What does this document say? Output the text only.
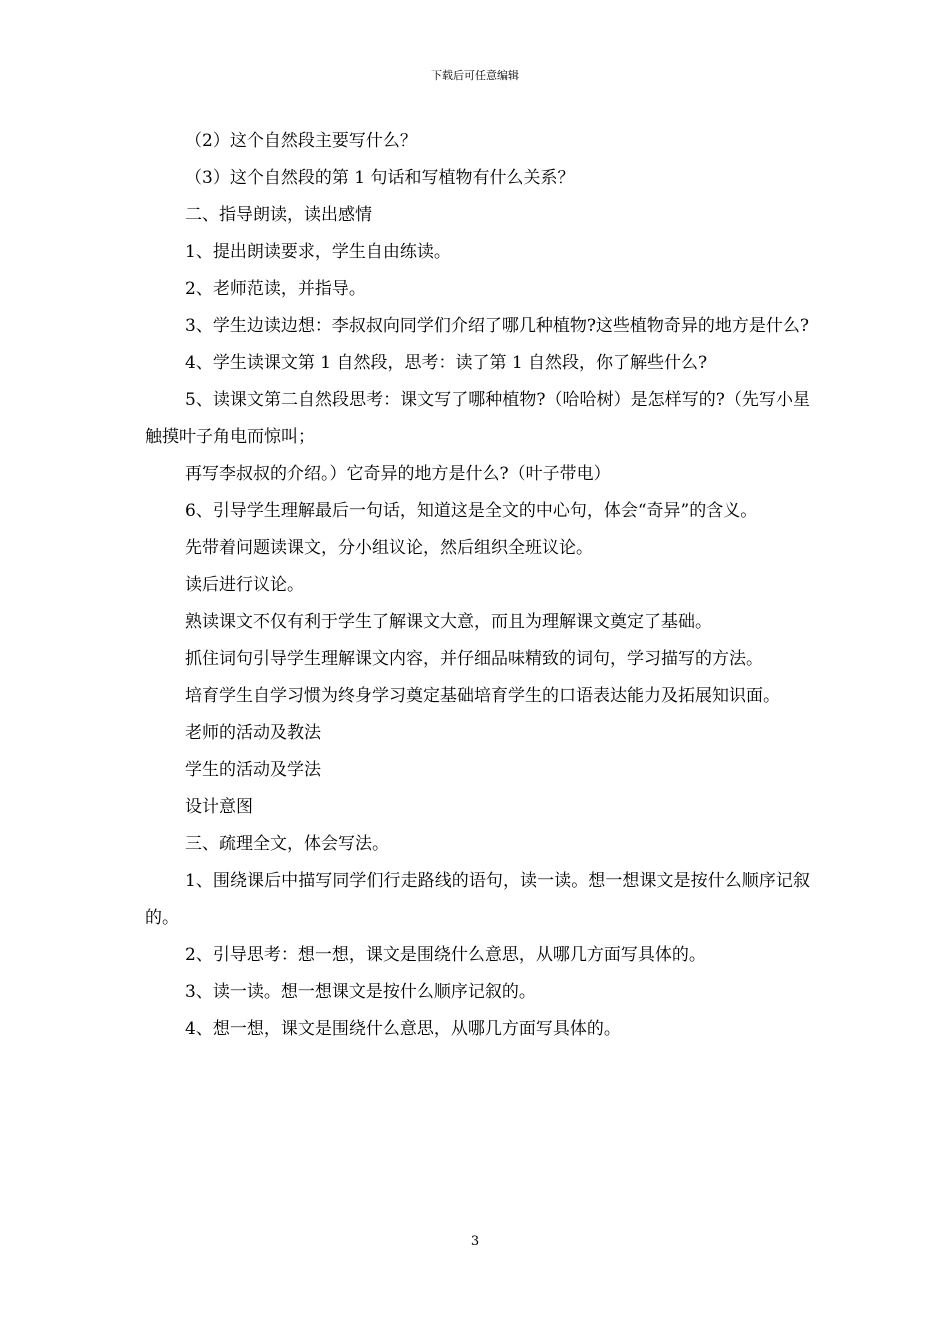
下载后可任意编辑

（2）这个自然段主要写什么？

（3）这个自然段的第 1 句话和写植物有什么关系？

二、指导朗读，读出感情

1、提出朗读要求，学生自由练读。

2、老师范读，并指导。

3、学生边读边想：李叔叔向同学们介绍了哪几种植物?这些植物奇异的地方是什么?

4、学生读课文第 1 自然段，思考：读了第 1 自然段，你了解些什么?

5、读课文第二自然段思考：课文写了哪种植物?（哈哈树）是怎样写的?（先写小星触摸叶子角电而惊叫；

再写李叔叔的介绍。）它奇异的地方是什么?（叶子带电）

6、引导学生理解最后一句话，知道这是全文的中心句，体会“奇异”的含义。

先带着问题读课文，分小组议论，然后组织全班议论。

读后进行议论。

熟读课文不仅有利于学生了解课文大意，而且为理解课文奠定了基础。

抓住词句引导学生理解课文内容，并仔细品味精致的词句，学习描写的方法。

培育学生自学习惯为终身学习奠定基础培育学生的口语表达能力及拓展知识面。

老师的活动及教法

学生的活动及学法

设计意图

三、疏理全文，体会写法。

1、围绕课后中描写同学们行走路线的语句，读一读。想一想课文是按什么顺序记叙的。

2、引导思考：想一想，课文是围绕什么意思，从哪几方面写具体的。

3、读一读。想一想课文是按什么顺序记叙的。

4、想一想，课文是围绕什么意思，从哪几方面写具体的。

3
